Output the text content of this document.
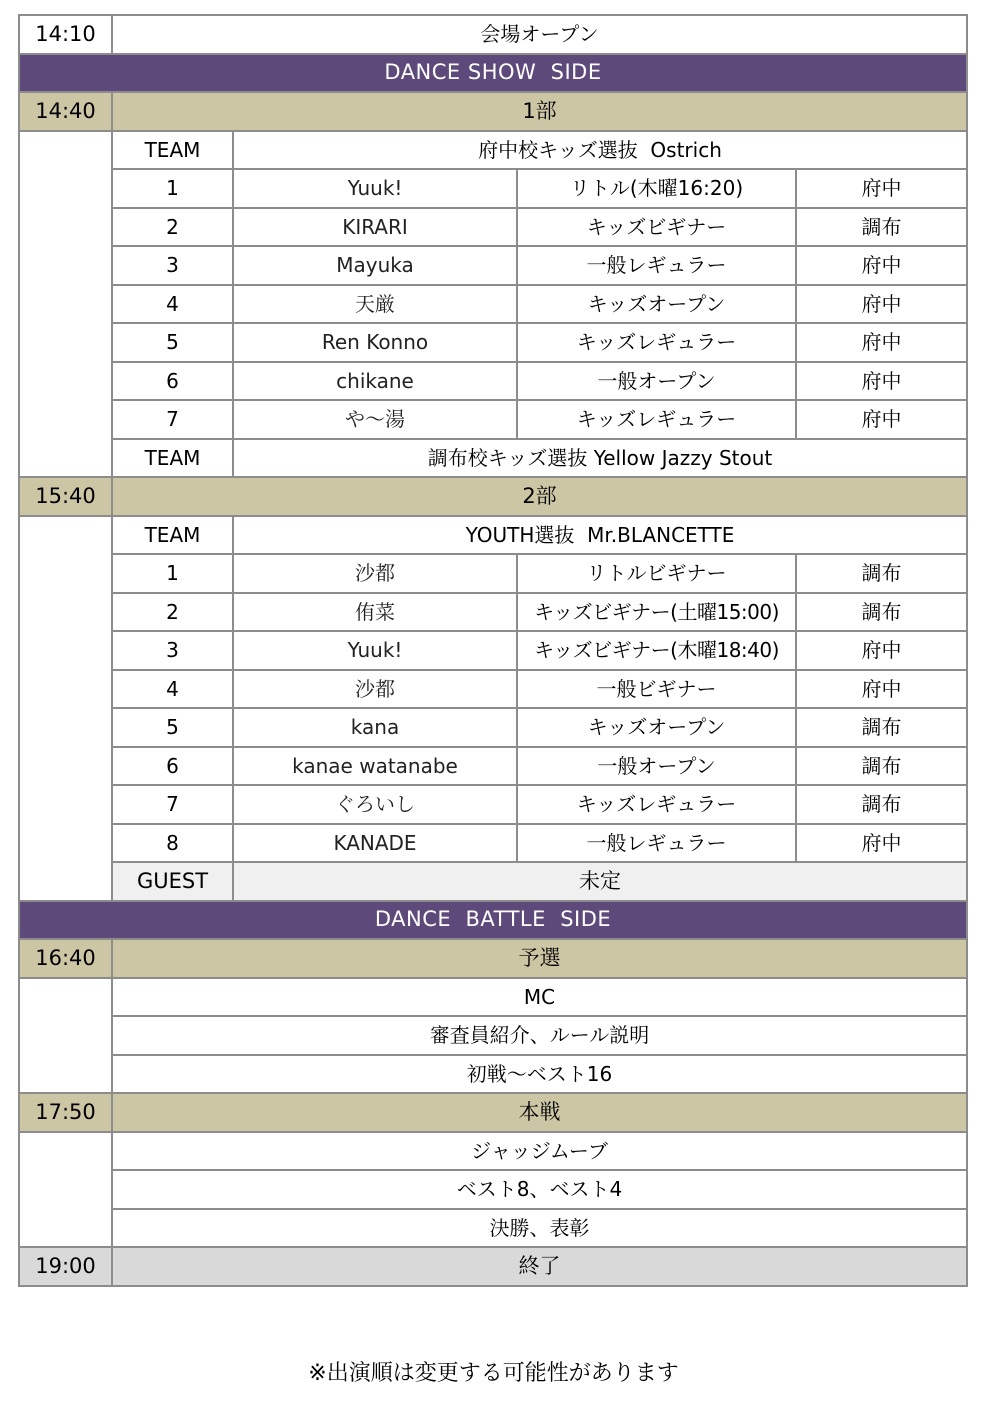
14:10	会場オープン			
DANCE SHOW  SIDE				
14:40	1部			
	TEAM	府中校キッズ選抜  Ostrich		
	1	Yuuk!	リトル(木曜16:20)	府中
	2	KIRARI	キッズビギナー	調布
	3	Mayuka	一般レギュラー	府中
	4	天厳	キッズオープン	府中
	5	Ren Konno	キッズレギュラー	府中
	6	chikane	一般オープン	府中
	7	や～湯	キッズレギュラー	府中
	TEAM	調布校キッズ選抜 Yellow Jazzy Stout		
15:40	2部			
	TEAM	YOUTH選抜  Mr.BLANCETTE		
	1	沙都	リトルビギナー	調布
	2	侑菜	キッズビギナー(土曜15:00)	調布
	3	Yuuk!	キッズビギナー(木曜18:40)	府中
	4	沙都	一般ビギナー	府中
	5	kana	キッズオープン	調布
	6	kanae watanabe	一般オープン	調布
	7	ぐろいし	キッズレギュラー	調布
	8	KANADE	一般レギュラー	府中
	GUEST	未定		
DANCE  BATTLE  SIDE				
16:40	予選			
	MC			
	審査員紹介、ルール説明			
	初戦～ベスト16			
17:50	本戦			
	ジャッジムーブ			
	ベスト8、ベスト4			
	決勝、表彰			
19:00	終了			
※出演順は変更する可能性があります
